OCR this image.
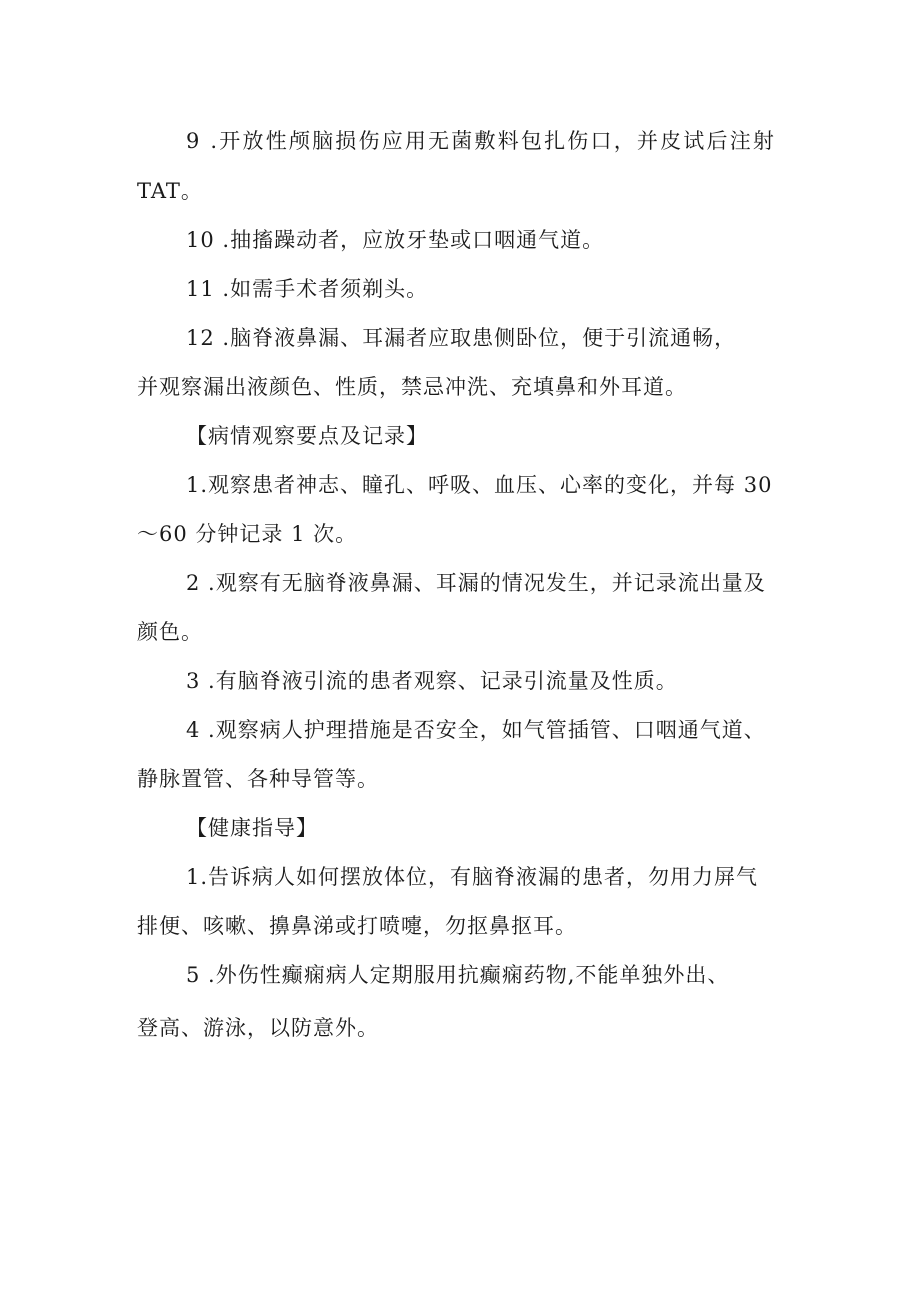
9 .开放性颅脑损伤应用无菌敷料包扎伤口，并皮试后注射
TAT。
10 .抽搐躁动者，应放牙垫或口咽通气道。
11 .如需手术者须剃头。
12 .脑脊液鼻漏、耳漏者应取患侧卧位，便于引流通畅，
并观察漏出液颜色、性质，禁忌冲洗、充填鼻和外耳道。
【病情观察要点及记录】
1.观察患者神志、瞳孔、呼吸、血压、心率的变化，并每 30
～60 分钟记录 1 次。
2 .观察有无脑脊液鼻漏、耳漏的情况发生，并记录流出量及
颜色。
3 .有脑脊液引流的患者观察、记录引流量及性质。
4 .观察病人护理措施是否安全，如气管插管、口咽通气道、
静脉置管、各种导管等。
【健康指导】
1.告诉病人如何摆放体位，有脑脊液漏的患者，勿用力屏气
排便、咳嗽、擤鼻涕或打喷嚏，勿抠鼻抠耳。
5 .外伤性癫痫病人定期服用抗癫痫药物,不能单独外出、
登高、游泳，以防意外。
